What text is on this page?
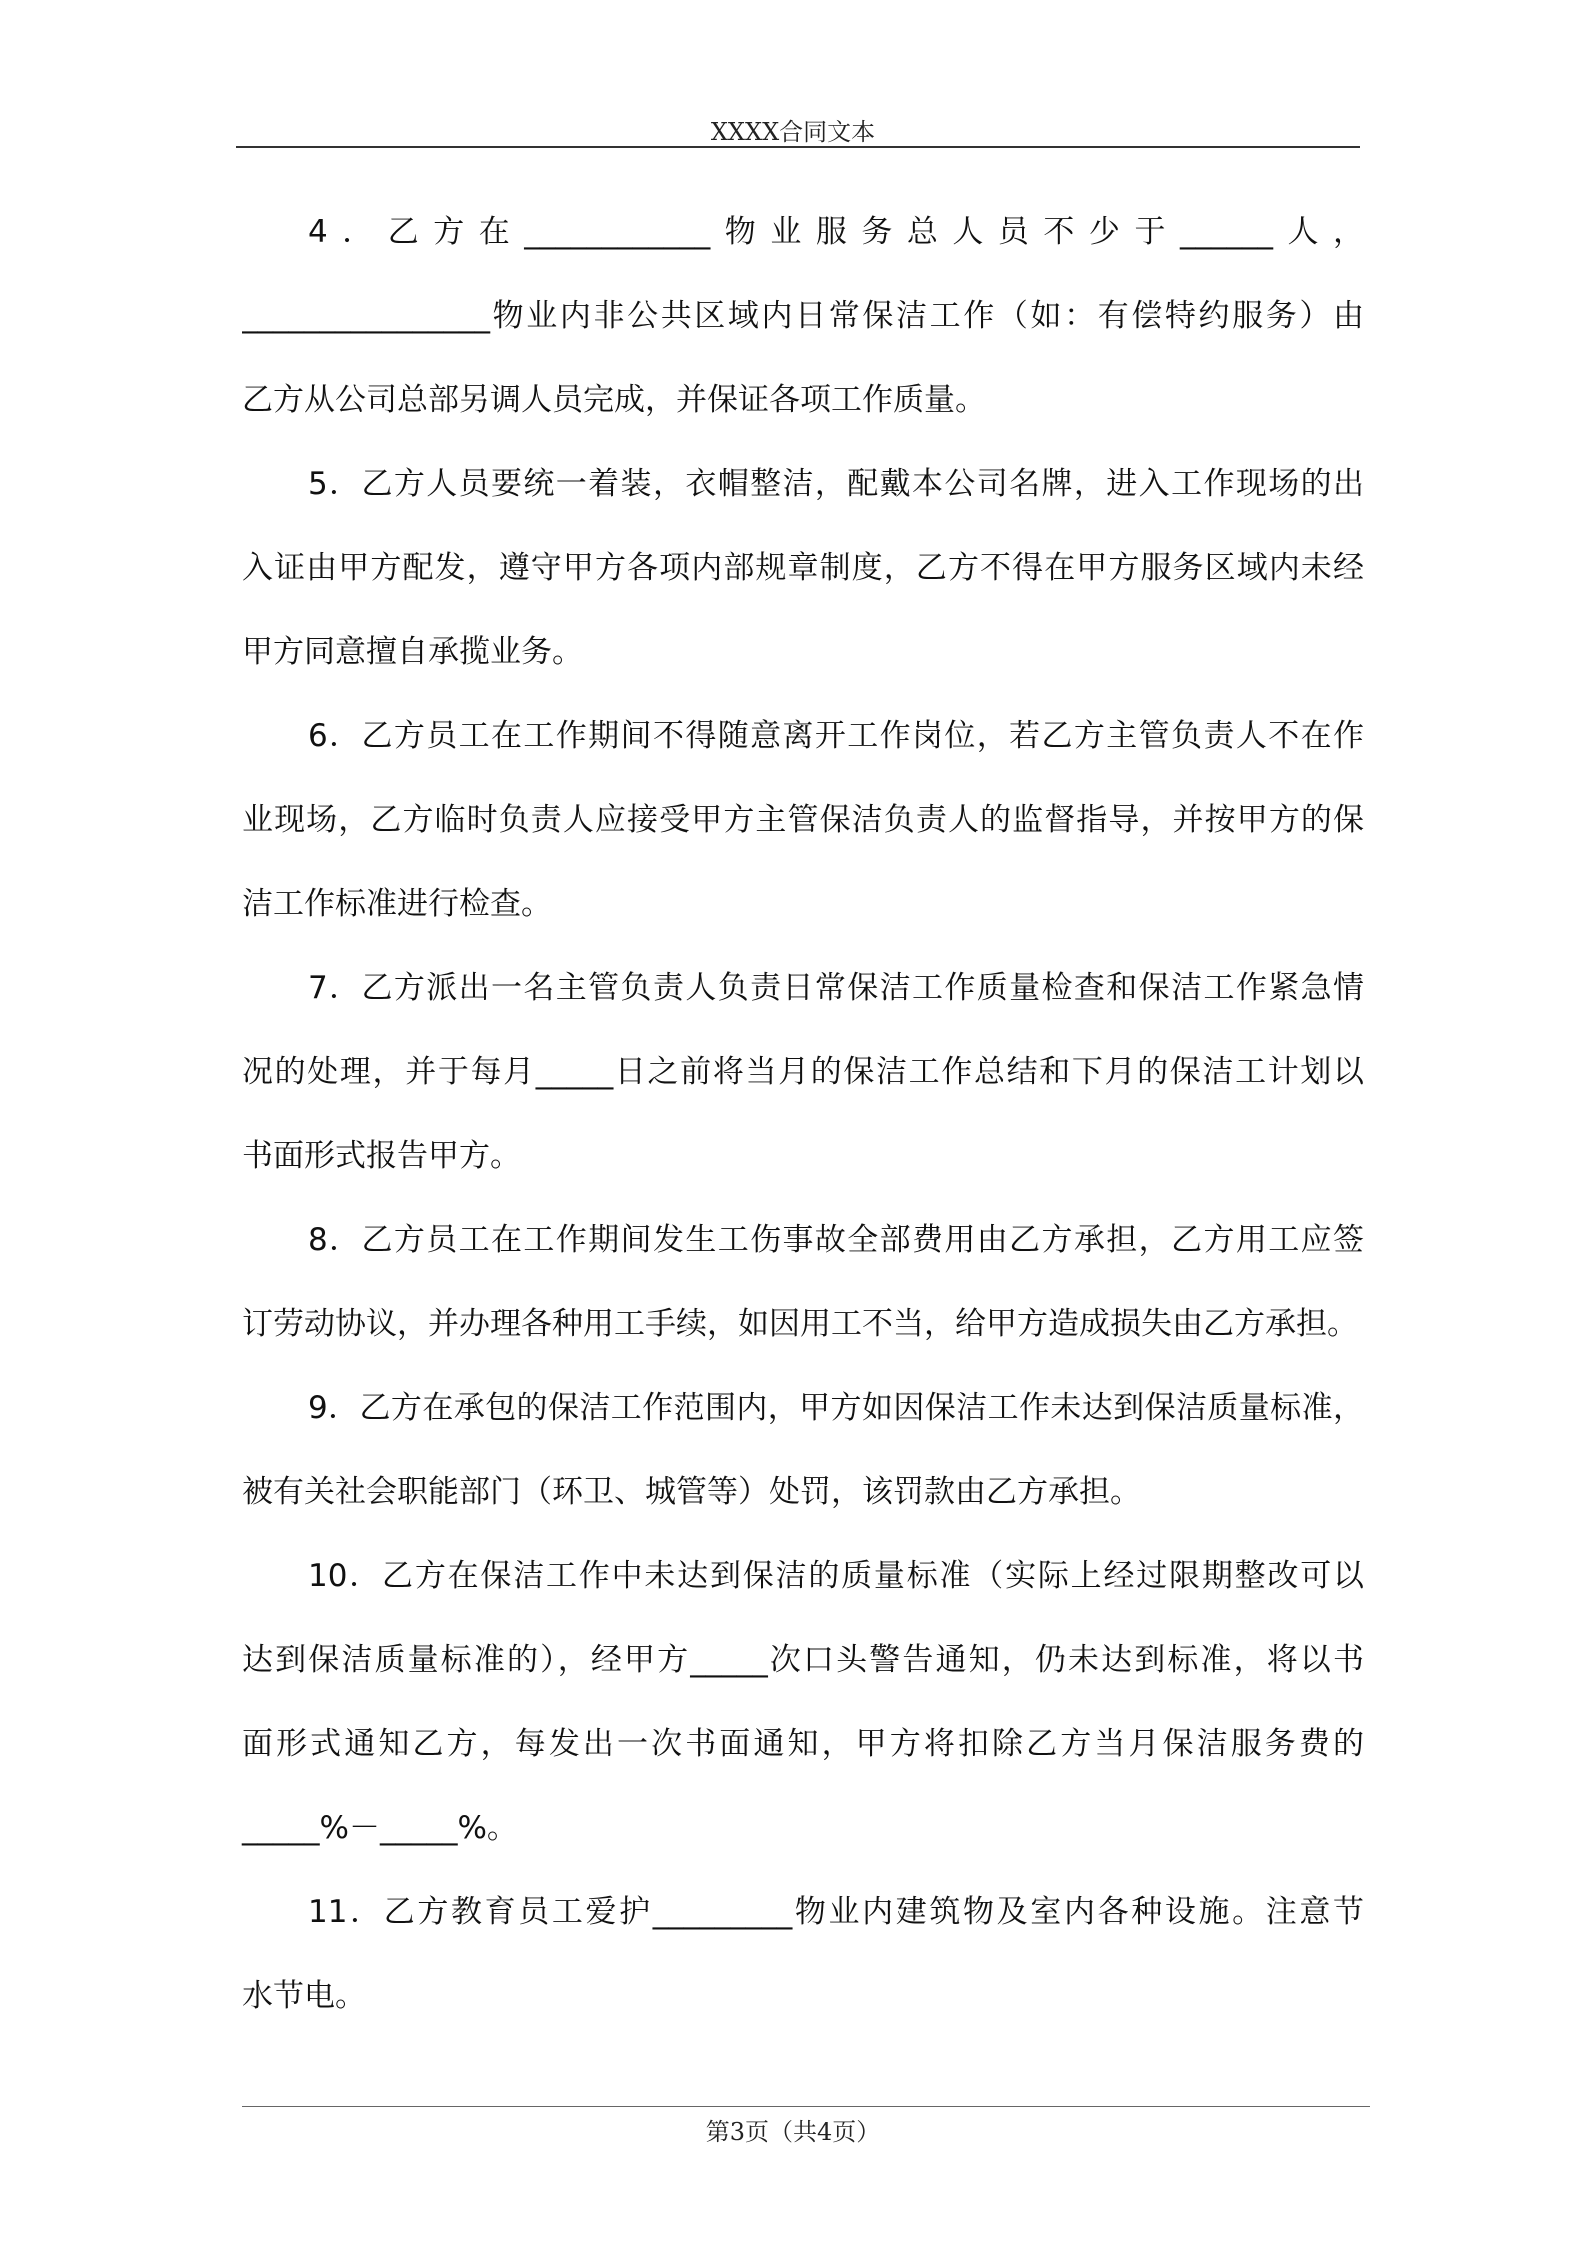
XXXX合同文本
4．乙方在____________物业服务总人员不少于______人，
________________物业内非公共区域内日常保洁工作（如：有偿特约服务）由
乙方从公司总部另调人员完成，并保证各项工作质量。
5．乙方人员要统一着装，衣帽整洁，配戴本公司名牌，进入工作现场的出
入证由甲方配发，遵守甲方各项内部规章制度，乙方不得在甲方服务区域内未经
甲方同意擅自承揽业务。
6．乙方员工在工作期间不得随意离开工作岗位，若乙方主管负责人不在作
业现场，乙方临时负责人应接受甲方主管保洁负责人的监督指导，并按甲方的保
洁工作标准进行检查。
7．乙方派出一名主管负责人负责日常保洁工作质量检查和保洁工作紧急情
况的处理，并于每月_____日之前将当月的保洁工作总结和下月的保洁工计划以
书面形式报告甲方。
8．乙方员工在工作期间发生工伤事故全部费用由乙方承担，乙方用工应签
订劳动协议，并办理各种用工手续，如因用工不当，给甲方造成损失由乙方承担。
9．乙方在承包的保洁工作范围内，甲方如因保洁工作未达到保洁质量标准，
被有关社会职能部门（环卫、城管等）处罚，该罚款由乙方承担。
10．乙方在保洁工作中未达到保洁的质量标准（实际上经过限期整改可以
达到保洁质量标准的），经甲方_____次口头警告通知，仍未达到标准，将以书
面形式通知乙方，每发出一次书面通知，甲方将扣除乙方当月保洁服务费的
_____%－_____%。
11．乙方教育员工爱护_________物业内建筑物及室内各种设施。注意节
水节电。
第3页（共4页）
